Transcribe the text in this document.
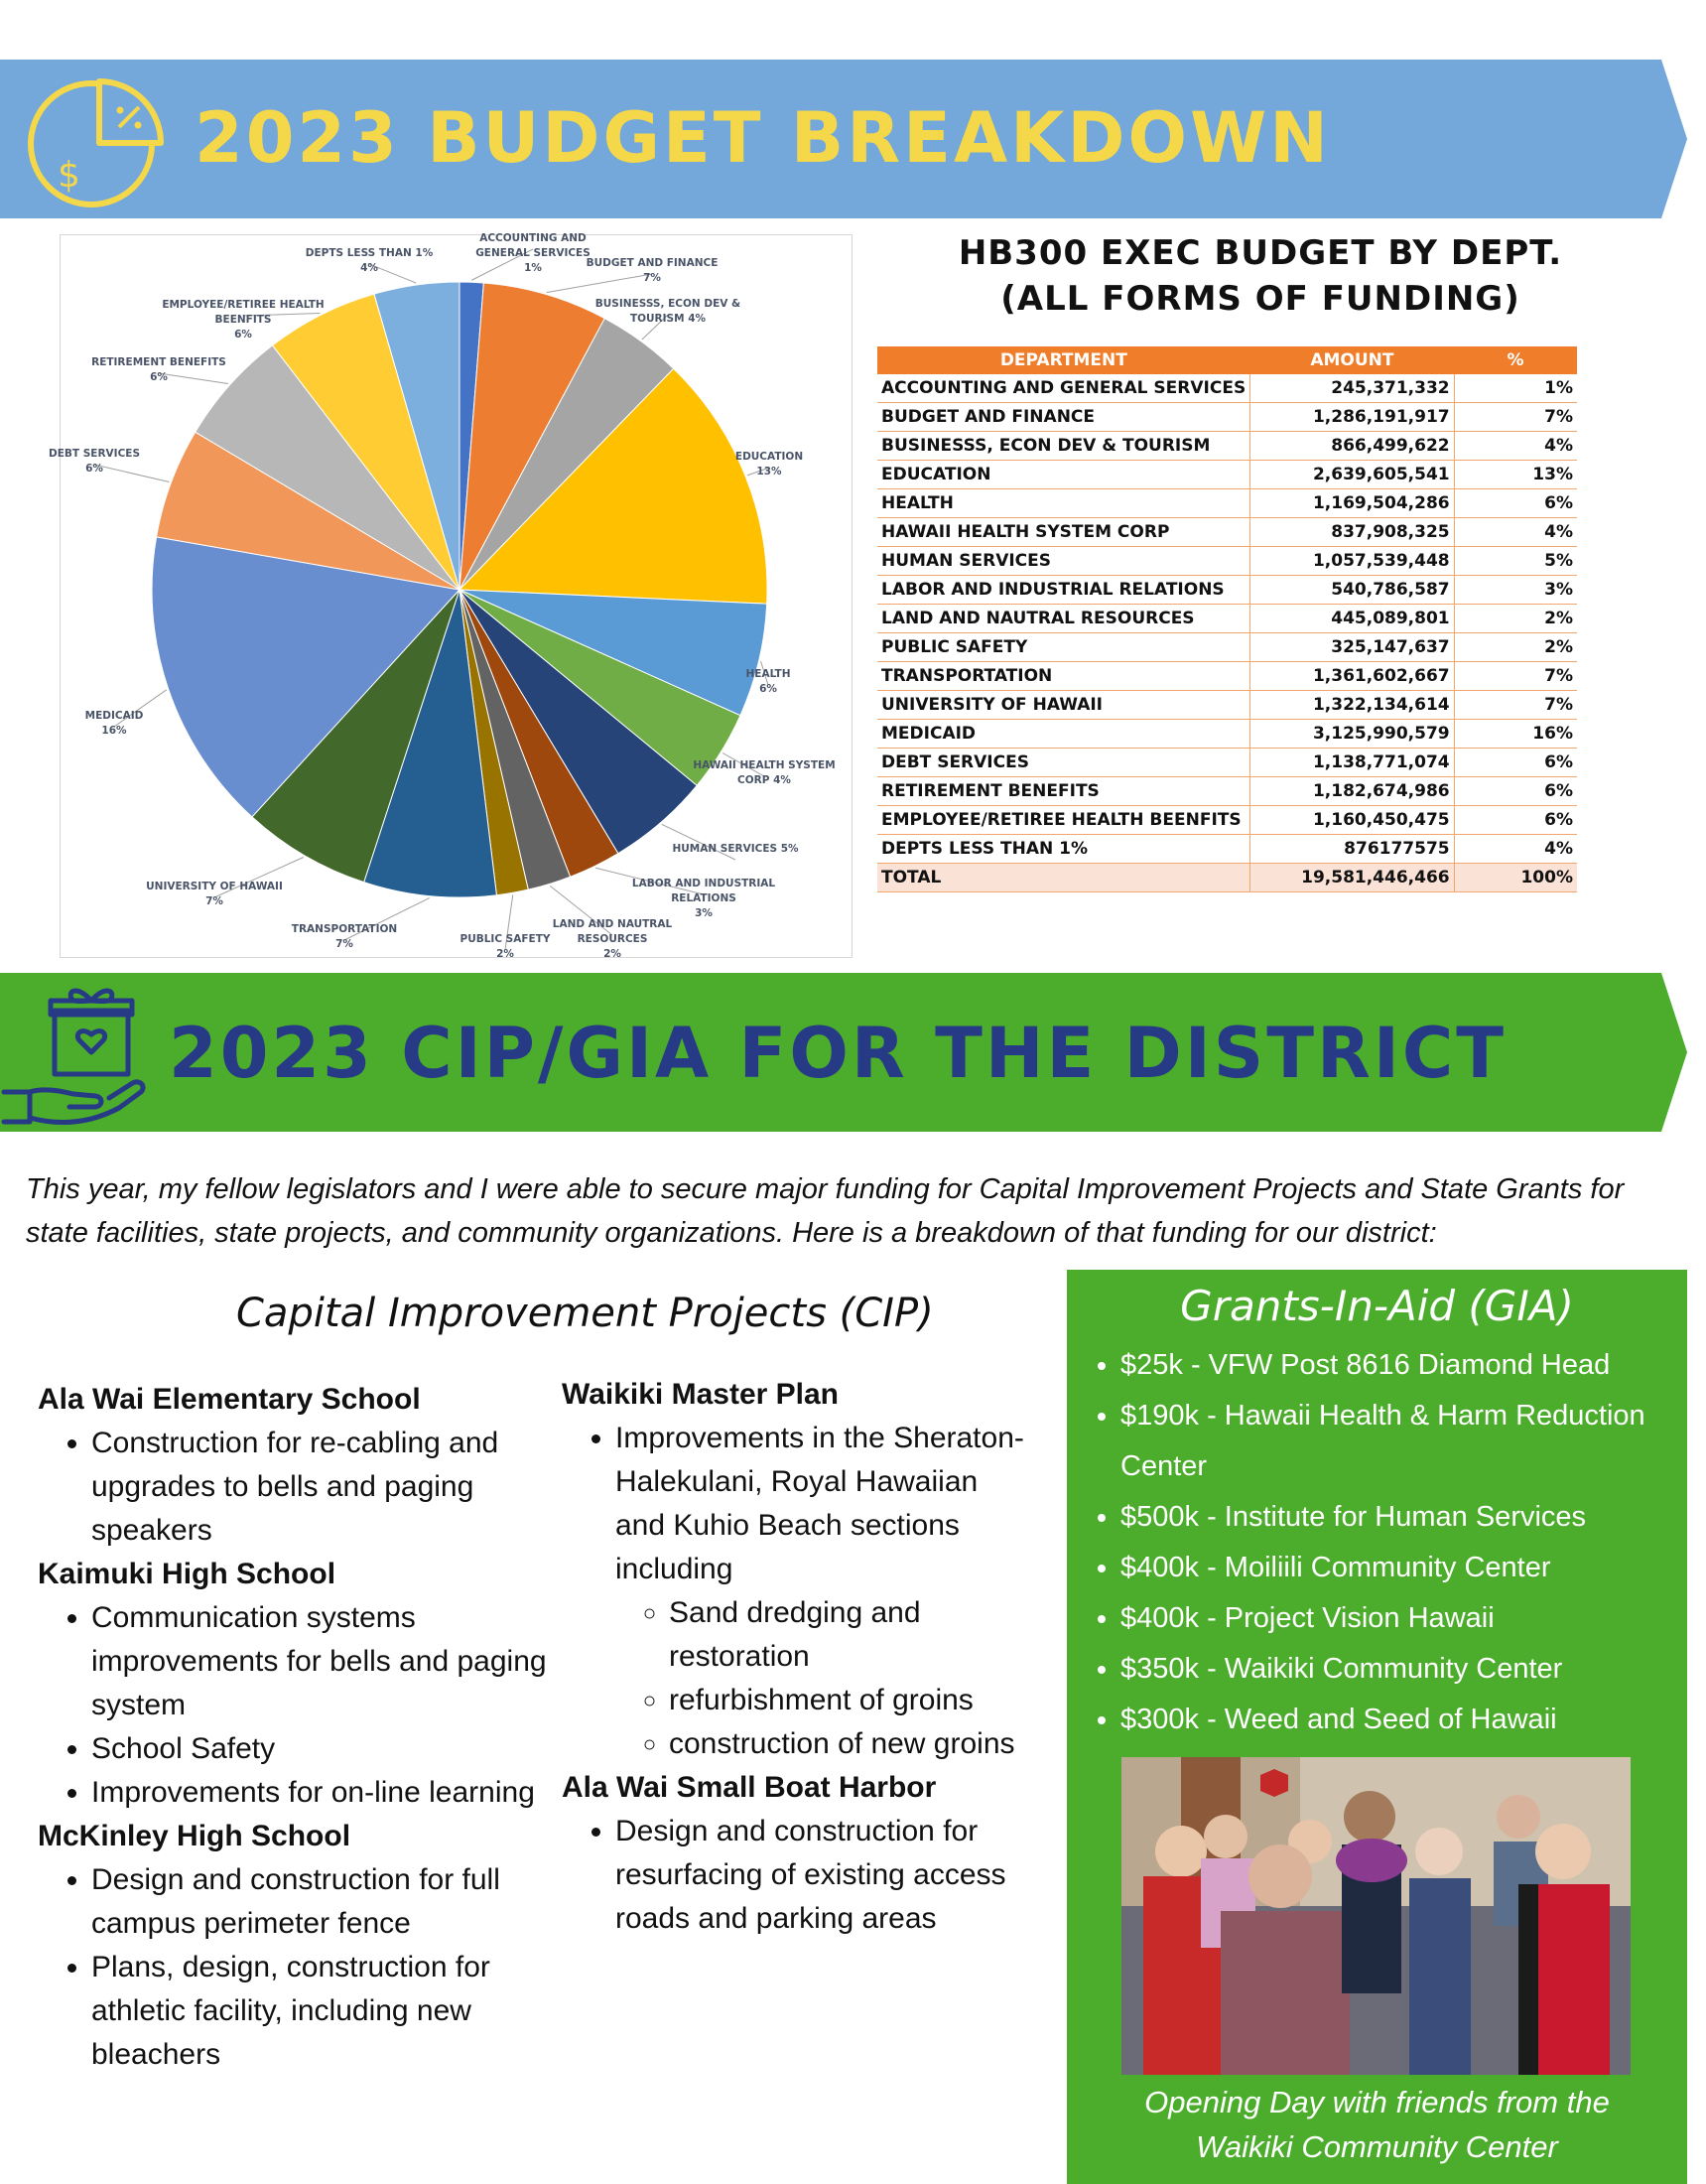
$ 2023 BUDGET BREAKDOWN
ACCOUNTING AND GENERAL SERVICES 1%	BUDGET AND FINANCE 7%
BUSINESSS, ECON DEV & TOURISM 4%
EDUCATION 13%
HEALTH 6%
HAWAII HEALTH SYSTEM CORP 4%
HUMAN SERVICES 5%
LABOR AND INDUSTRIAL RELATIONS 3%
LAND AND NAUTRAL RESOURCES 2%
PUBLIC SAFETY 2%
TRANSPORTATION 7%
UNIVERSITY OF HAWAII 7%
MEDICAID 16%
DEBT SERVICES 6%
RETIREMENT BENEFITS 6%
EMPLOYEE/RETIREE HEALTH BEENFITS 6%
DEPTS LESS THAN 1% 4%	HB300 EXEC BUDGET BY DEPT.
(ALL FORMS OF FUNDING)
DEPARTMENT	AMOUNT	%
ACCOUNTING AND GENERAL SERVICES	245,371,332	1%
BUDGET AND FINANCE	1,286,191,917	7%
BUSINESSS, ECON DEV & TOURISM	866,499,622	4%
EDUCATION	2,639,605,541	13%
HEALTH	1,169,504,286	6%
HAWAII HEALTH SYSTEM CORP	837,908,325	4%
HUMAN SERVICES	1,057,539,448	5%
LABOR AND INDUSTRIAL RELATIONS	540,786,587	3%
LAND AND NAUTRAL RESOURCES	445,089,801	2%
PUBLIC SAFETY	325,147,637	2%
TRANSPORTATION	1,361,602,667	7%
UNIVERSITY OF HAWAII	1,322,134,614	7%
MEDICAID	3,125,990,579	16%
DEBT SERVICES	1,138,771,074	6%
RETIREMENT BENEFITS	1,182,674,986	6%
EMPLOYEE/RETIREE HEALTH BEENFITS	1,160,450,475	6%
DEPTS LESS THAN 1%	876177575	4%
TOTAL	19,581,446,466	100%
2023 CIP/GIA FOR THE DISTRICT

This year, my fellow legislators and I were able to secure major funding for Capital Improvement Projects and State Grants for state facilities, state projects, and community organizations. Here is a breakdown of that funding for our district:

Capital Improvement Projects (CIP)
Ala Wai Elementary School
• Construction for re-cabling and upgrades to bells and paging speakers
Kaimuki High School
• Communication systems improvements for bells and paging system
• School Safety
• Improvements for on-line learning
McKinley High School
• Design and construction for full campus perimeter fence
• Plans, design, construction for athletic facility, including new bleachers
Waikiki Master Plan
• Improvements in the Sheraton-Halekulani, Royal Hawaiian and Kuhio Beach sections including
◦ Sand dredging and restoration
◦ refurbishment of groins
◦ construction of new groins
Ala Wai Small Boat Harbor
• Design and construction for resurfacing of existing access roads and parking areas
Grants-In-Aid (GIA)
• $25k - VFW Post 8616 Diamond Head
• $190k - Hawaii Health & Harm Reduction Center
• $500k - Institute for Human Services
• $400k - Moiliili Community Center
• $400k - Project Vision Hawaii
• $350k - Waikiki Community Center
• $300k - Weed and Seed of Hawaii

Opening Day with friends from the
Waikiki Community Center
